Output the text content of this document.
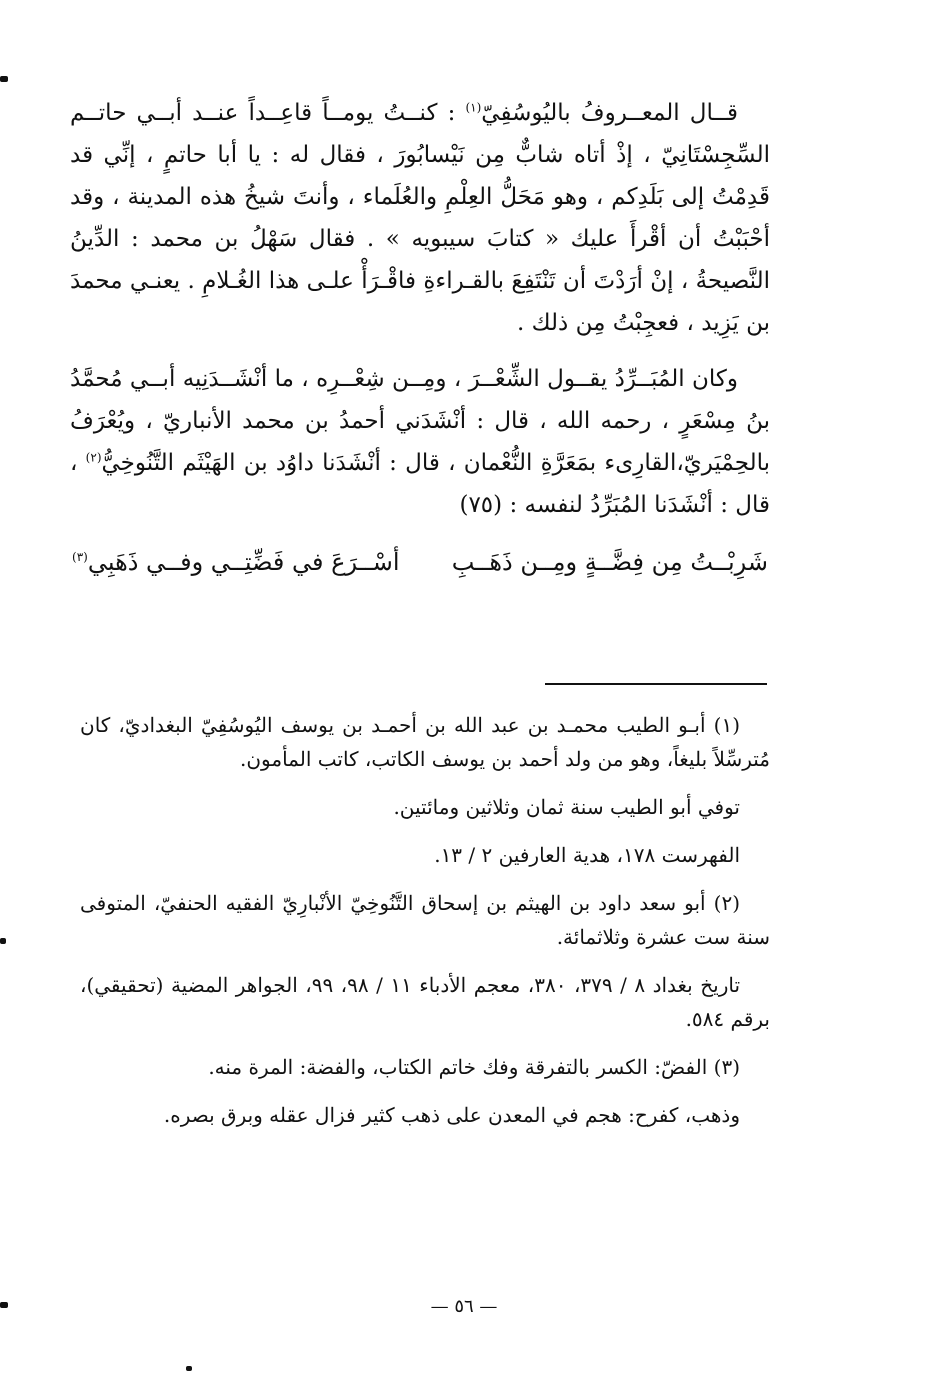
قــال المعــروفُ باليُوسُفِيّ$^{(١)}$ : كنــتُ يومــاً قاعِــداً عنــد أبــي حاتــم السِّجِسْتَانِيّ ، إذْ أتاه شابٌّ مِن نَيْسابُورَ ، فقال له : يا أبا حاتمٍ ، إنِّي قد قَدِمْتُ إلى بَلَدِكم ، وهو مَحَلُّ العِلْمِ والعُلَماء ، وأنتَ شيخُ هذه المدينة ، وقد أحْبَبْتُ أن أقْرأَ عليك « كتابَ سيبويه » . فقال سَهْلُ بن محمد : الدِّينُ النَّصيحةُ ، إنْ أرَدْتَ أن تَنْتَفِعَ بالقـراءةِ فاقْـرَأْ علـى هذا الغُـلامِ . يعنـي محمدَ بن يَزِيد ، فعجِبْتُ مِن ذلك .

وكان المُبَــرِّدُ يقــول الشِّعْــرَ ، ومِــن شِعْــرِه ، ما أنْشَــدَنِيه أبــي مُحمَّدُ بنُ مِسْعَرٍ ، رحمه الله ، قال : أنْشَدَني أحمدُ بن محمد الأنباريّ ، ويُعْرَفُ بالحِمْيَريّ،القارِىء بمَعَرَّةِ النُّعْمان ، قال : أنْشَدَنا داوُد بن الهَيْثَم التَّنُوخِيُّ$^{(٢)}$ ، قال : أنْشَدَنا المُبَرِّدُ لنفسه : (٧٥)

شَرِبْــتُ مِن فِضَّــةٍ ومِــن ذَهَــبِ
أسْــرَعَ في فَضِّتِــي وفــي ذَهَبِي$^{(٣)}$

(١) أبـو الطيب محمـد بن عبد الله بن أحمـد بن يوسف اليُوسُفِيّ البغداديّ، كان مُترسِّلاً بليغاً، وهو من ولد أحمد بن يوسف الكاتب، كاتب المأمون.

توفي أبو الطيب سنة ثمان وثلاثين ومائتين.

الفهرست ١٧٨، هدية العارفين ٢ / ١٣.

(٢) أبو سعد داود بن الهيثم بن إسحاق التَّنُوخِيّ الأنْبارِيّ الفقيه الحنفيّ، المتوفى سنة ست عشرة وثلاثمائة.

تاريخ بغداد ٨ / ٣٧٩، ٣٨٠، معجم الأدباء ١١ / ٩٨، ٩٩، الجواهر المضية (تحقيقي)، برقم ٥٨٤.

(٣) الفضّ: الكسر بالتفرقة وفك خاتم الكتاب، والفضة: المرة منه.

وذهب، كفرح: هجم في المعدن على ذهب كثير فزال عقله وبرق بصره.

— ٥٦ —
